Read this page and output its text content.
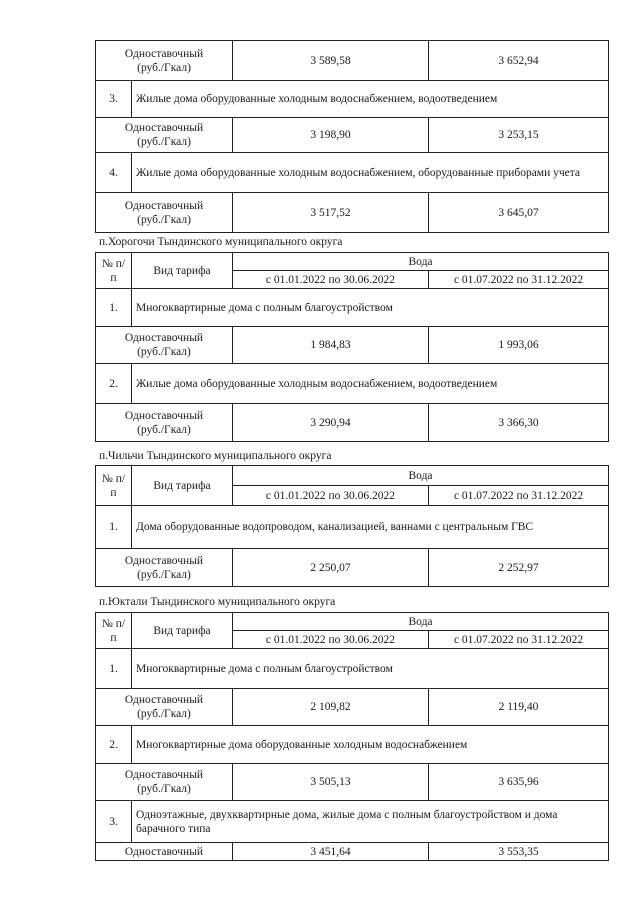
Одноставочный
(руб./Гкал)		3 589,58	3 652,94
3.	Жилые дома оборудованные холодным водоснабжением, водоотведением		
Одноставочный
(руб./Гкал)		3 198,90	3 253,15
4.	Жилые дома оборудованные холодным водоснабжением, оборудованные приборами учета		
Одноставочный
(руб./Гкал)		3 517,52	3 645,07
п.Хорогочи Тындинского муниципального округа
№ п/п	Вид тарифа	Вода	
		с 01.01.2022 по 30.06.2022	с 01.07.2022 по 31.12.2022
1.	Многоквартирные дома с полным благоустройством		
Одноставочный
(руб./Гкал)		1 984,83	1 993,06
2.	Жилые дома оборудованные холодным водоснабжением, водоотведением		
Одноставочный
(руб./Гкал)		3 290,94	3 366,30
п.Чильчи Тындинского муниципального округа
№ п/п	Вид тарифа	Вода	
		с 01.01.2022 по 30.06.2022	с 01.07.2022 по 31.12.2022
1.	Дома оборудованные водопроводом, канализацией, ваннами с центральным ГВС		
Одноставочный
(руб./Гкал)		2 250,07	2 252,97
п.Юктали Тындинского муниципального округа
№ п/п	Вид тарифа	Вода	
		с 01.01.2022 по 30.06.2022	с 01.07.2022 по 31.12.2022
1.	Многоквартирные дома с полным благоустройством		
Одноставочный
(руб./Гкал)		2 109,82	2 119,40
2.	Многоквартирные дома оборудованные холодным водоснабжением		
Одноставочный
(руб./Гкал)		3 505,13	3 635,96
3.	Одноэтажные, двухквартирные дома, жилые дома с полным благоустройством и дома барачного типа		
Одноставочный		3 451,64	3 553,35
